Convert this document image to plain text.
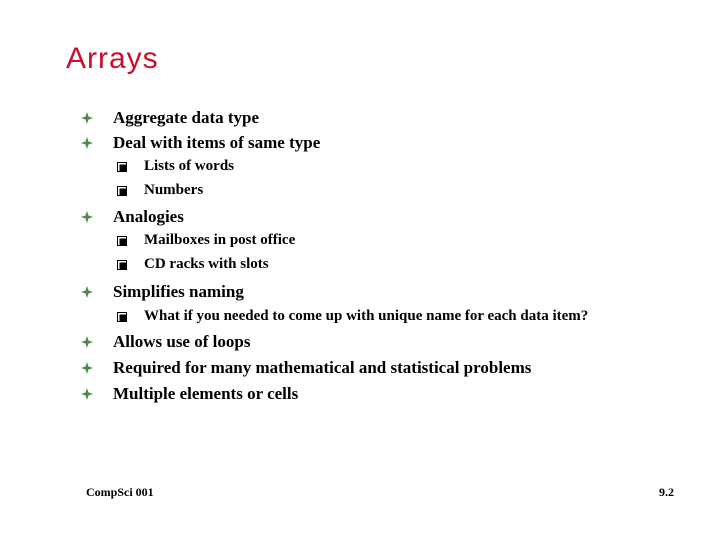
Arrays
Aggregate data type
Deal with items of same type
Lists of words
Numbers
Analogies
Mailboxes in post office
CD racks with slots
Simplifies naming
What if you needed to come up with unique name for each data item?
Allows use of loops
Required for many mathematical and statistical problems
Multiple elements or cells
CompSci 001	9.2
